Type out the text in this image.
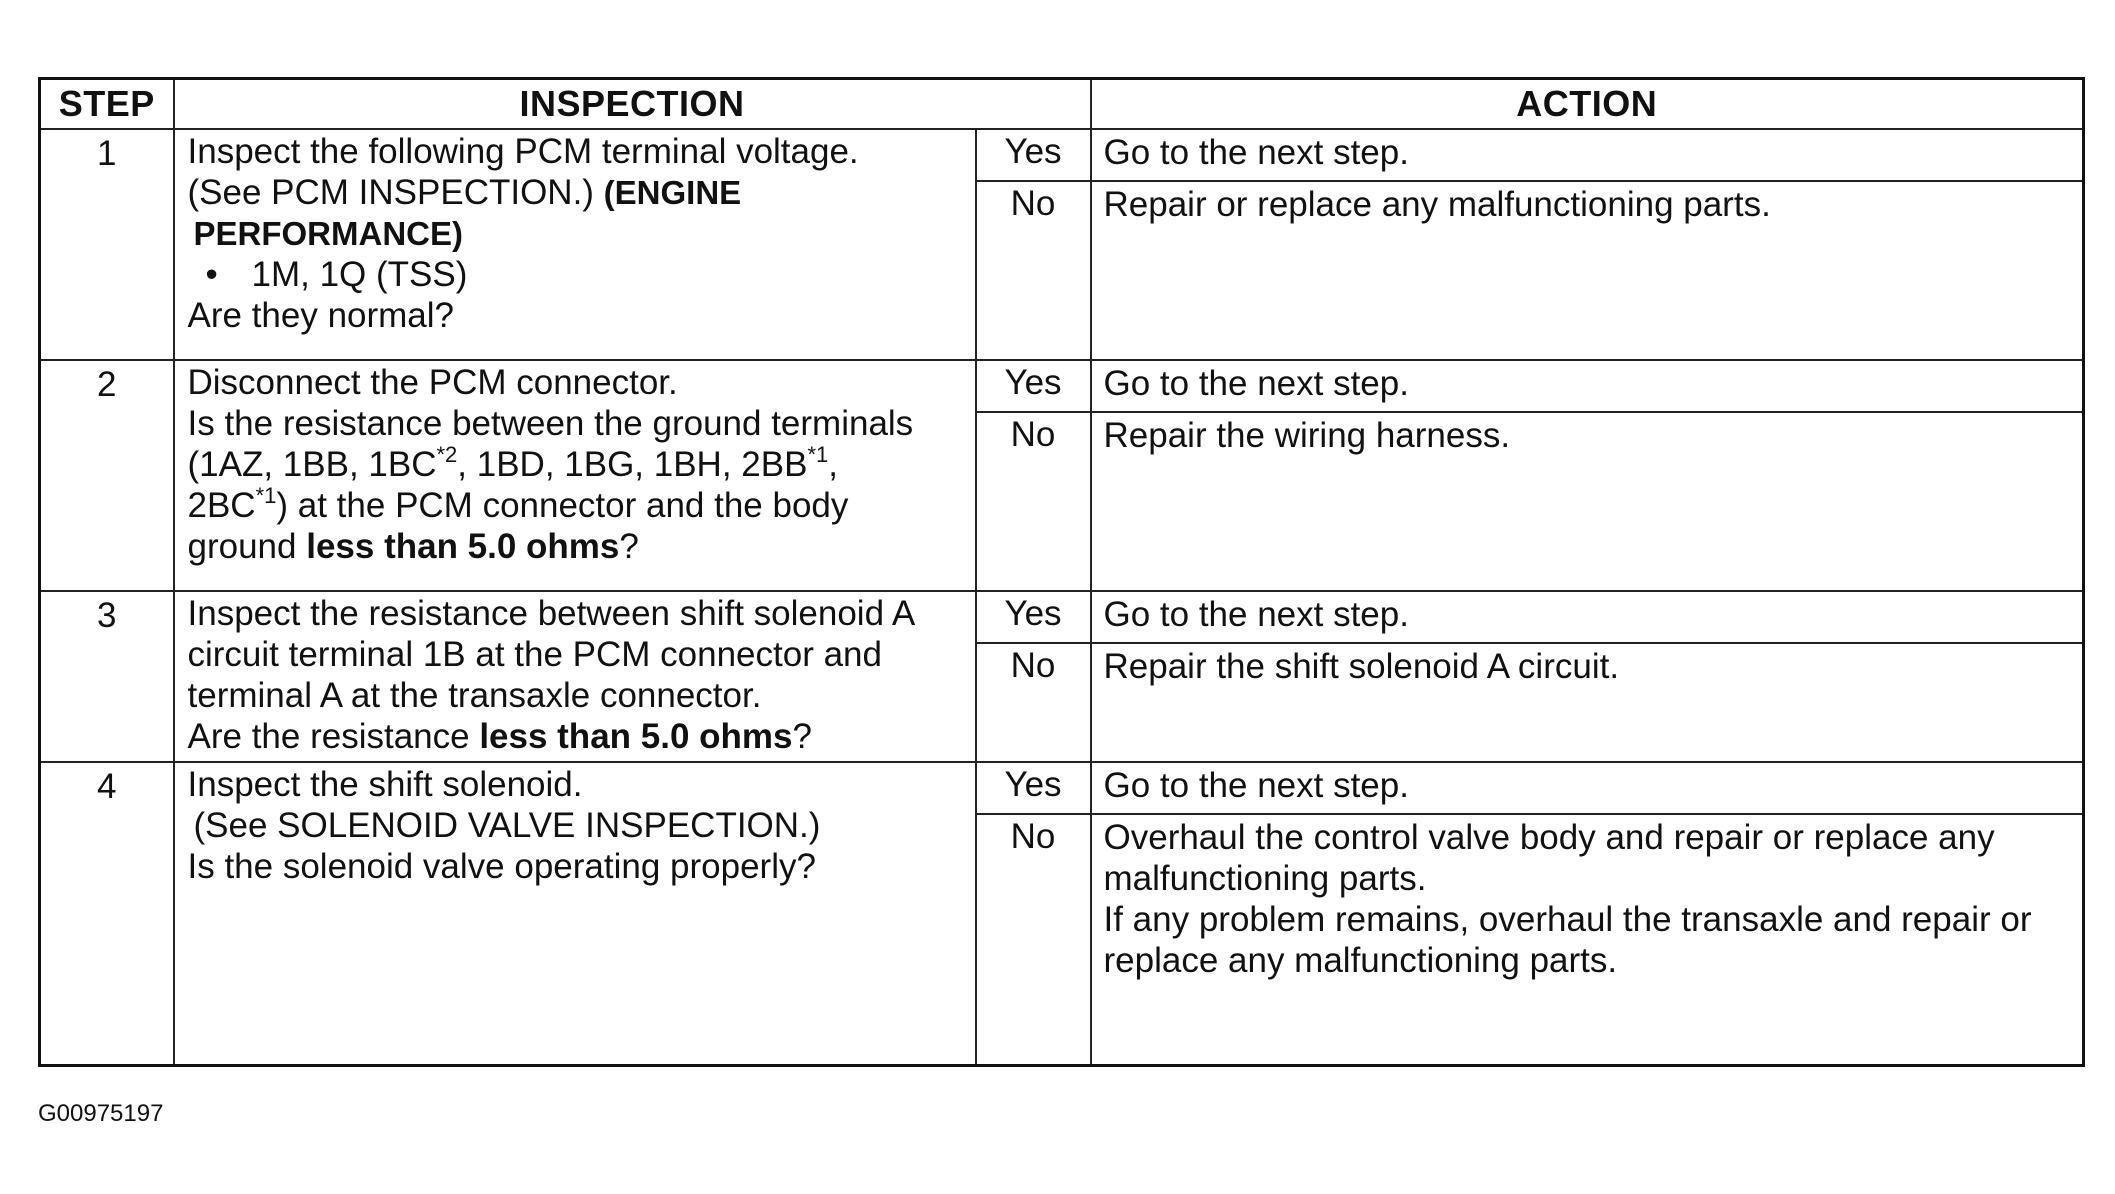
STEP	INSPECTION		ACTION
1	Inspect the following PCM terminal voltage.
(See PCM INSPECTION.) (ENGINE
PERFORMANCE)
• 1M, 1Q (TSS)
Are they normal?	Yes	Go to the next step.
		No	Repair or replace any malfunctioning parts.
2	Disconnect the PCM connector.
Is the resistance between the ground terminals
(1AZ, 1BB, 1BC$^{*2}$, 1BD, 1BG, 1BH, 2BB$^{*1}$,
2BC$^{*1}$) at the PCM connector and the body
ground less than 5.0 ohms?	Yes	Go to the next step.
		No	Repair the wiring harness.
3	Inspect the resistance between shift solenoid A
circuit terminal 1B at the PCM connector and
terminal A at the transaxle connector.
Are the resistance less than 5.0 ohms?	Yes	Go to the next step.
		No	Repair the shift solenoid A circuit.
4	Inspect the shift solenoid.
(See SOLENOID VALVE INSPECTION.)
Is the solenoid valve operating properly?	Yes	Go to the next step.
		No	Overhaul the control valve body and repair or replace any
malfunctioning parts.
If any problem remains, overhaul the transaxle and repair or
replace any malfunctioning parts.
G00975197
